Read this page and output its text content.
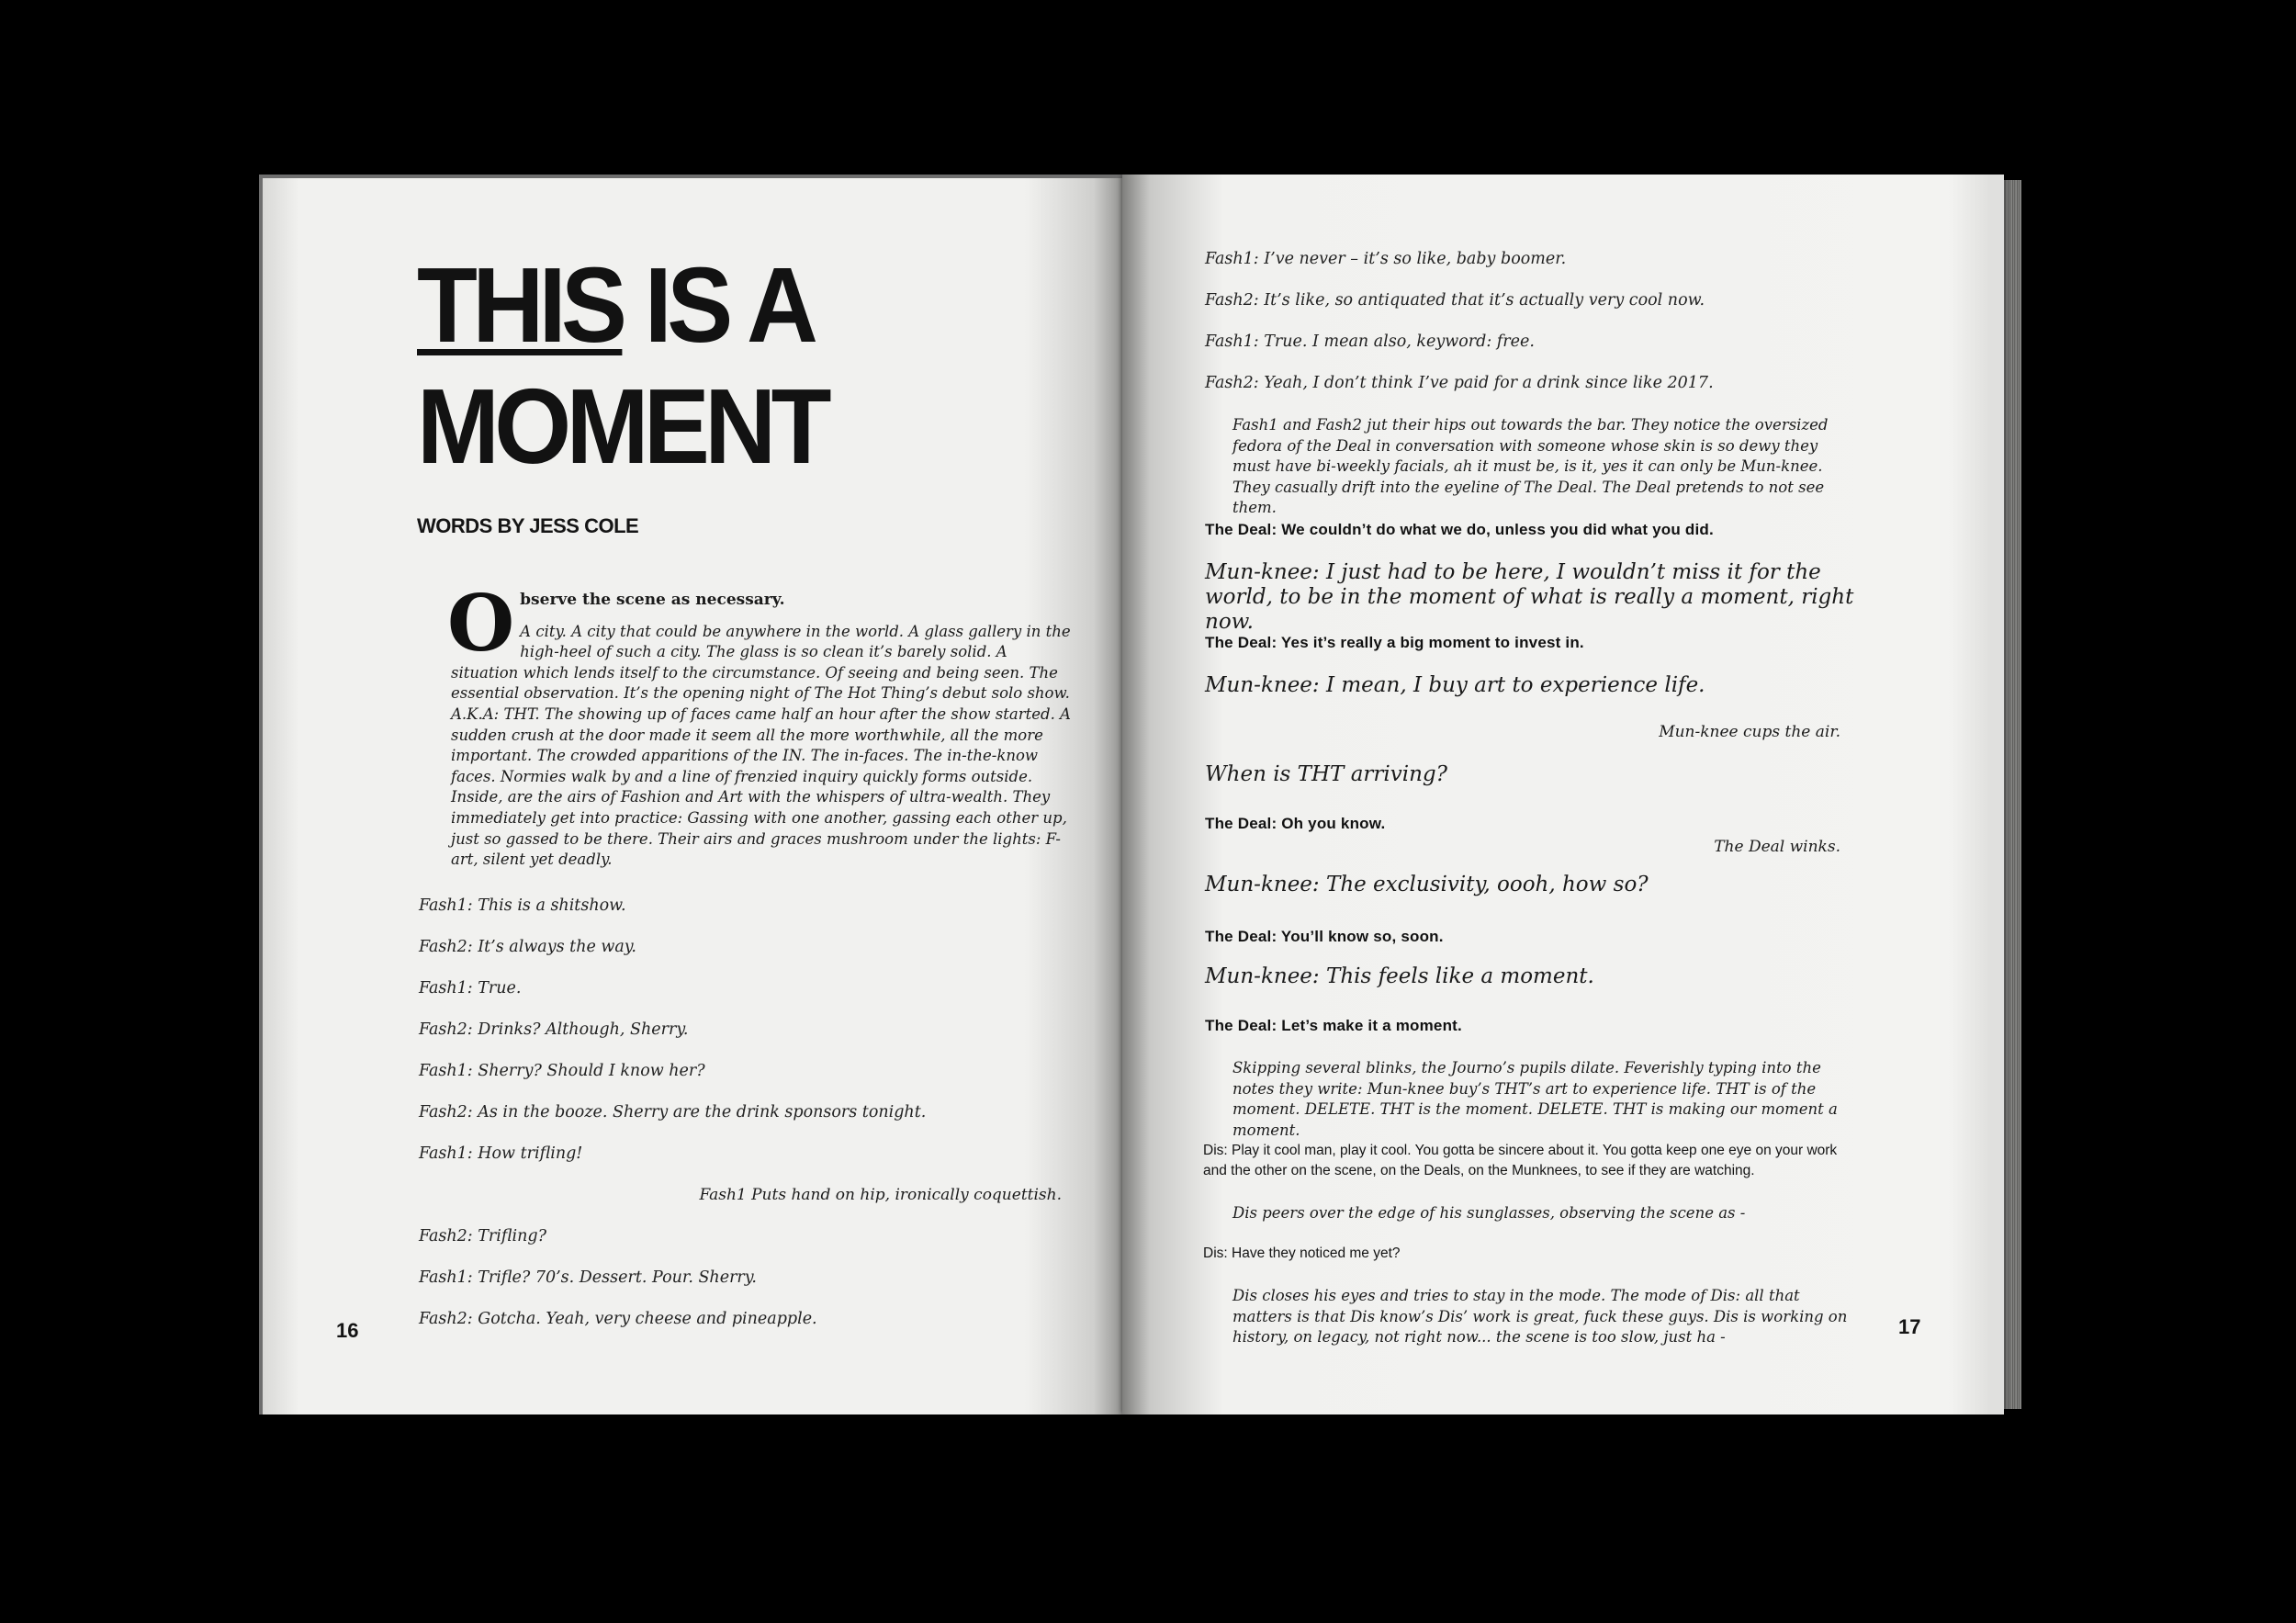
THIS IS A
MOMENT
WORDS BY JESS COLE
O bserve the scene as necessary.
A city. A city that could be anywhere in the world. A glass gallery in the high-heel of such a city. The glass is so clean it’s barely solid. A situation which lends itself to the circumstance. Of seeing and being seen. The essential observation. It’s the opening night of The Hot Thing’s debut solo show. A.K.A: THT. The showing up of faces came half an hour after the show started. A sudden crush at the door made it seem all the more worthwhile, all the more important. The crowded apparitions of the IN. The in-faces. The in-the-know faces. Normies walk by and a line of frenzied inquiry quickly forms outside. Inside, are the airs of Fashion and Art with the whispers of ultra-wealth. They immediately get into practice: Gassing with one another, gassing each other up, just so gassed to be there. Their airs and graces mushroom under the lights: F-art, silent yet deadly.
Fash1: This is a shitshow.
Fash2: It’s always the way.
Fash1: True.
Fash2: Drinks? Although, Sherry.
Fash1: Sherry? Should I know her?
Fash2: As in the booze. Sherry are the drink sponsors tonight.
Fash1: How trifling!
Fash1 Puts hand on hip, ironically coquettish.
Fash2: Trifling?
Fash1: Trifle? 70’s. Dessert. Pour. Sherry.
Fash2: Gotcha. Yeah, very cheese and pineapple.
16
Fash1: I’ve never – it’s so like, baby boomer.
Fash2: It’s like, so antiquated that it’s actually very cool now.
Fash1: True. I mean also, keyword: free.
Fash2: Yeah, I don’t think I’ve paid for a drink since like 2017.
Fash1 and Fash2 jut their hips out towards the bar. They notice the oversized fedora of the Deal in conversation with someone whose skin is so dewy they must have bi-weekly facials, ah it must be, is it, yes it can only be Mun-knee. They casually drift into the eyeline of The Deal. The Deal pretends to not see them.
The Deal: We couldn’t do what we do, unless you did what you did.
Mun-knee: I just had to be here, I wouldn’t miss it for the world, to be in the moment of what is really a moment, right now.
The Deal: Yes it’s really a big moment to invest in.
Mun-knee: I mean, I buy art to experience life.
Mun-knee cups the air.
When is THT arriving?
The Deal: Oh you know.
The Deal winks.
Mun-knee: The exclusivity, oooh, how so?
The Deal: You’ll know so, soon.
Mun-knee: This feels like a moment.
The Deal: Let’s make it a moment.
Skipping several blinks, the Journo’s pupils dilate. Feverishly typing into the notes they write: Mun-knee buy’s THT’s art to experience life. THT is of the moment. DELETE. THT is the moment. DELETE. THT is making our moment a moment.
Dis: Play it cool man, play it cool. You gotta be sincere about it. You gotta keep one eye on your work and the other on the scene, on the Deals, on the Munknees, to see if they are watching.
Dis peers over the edge of his sunglasses, observing the scene as -
Dis: Have they noticed me yet?
Dis closes his eyes and tries to stay in the mode. The mode of Dis: all that matters is that Dis know’s Dis’ work is great, fuck these guys. Dis is working on history, on legacy, not right now... the scene is too slow, just ha -	17
